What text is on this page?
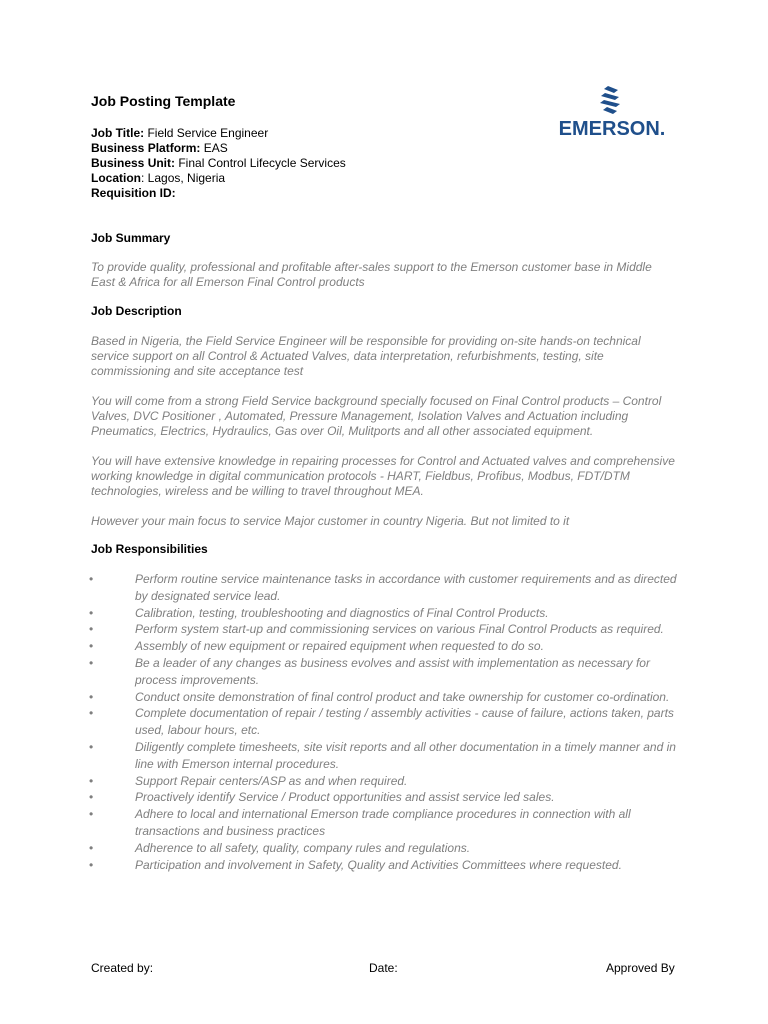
Job Posting Template
EMERSON.
Job Title: Field Service Engineer
Business Platform: EAS
Business Unit: Final Control Lifecycle Services
Location: Lagos, Nigeria
Requisition ID:
Job Summary

To provide quality, professional and profitable after-sales support to the Emerson customer base in Middle East & Africa for all Emerson Final Control products

Job Description

Based in Nigeria, the Field Service Engineer will be responsible for providing on-site hands-on technical service support on all Control & Actuated Valves, data interpretation, refurbishments, testing, site commissioning and site acceptance test

You will come from a strong Field Service background specially focused on Final Control products – Control Valves, DVC Positioner , Automated, Pressure Management, Isolation Valves and Actuation including Pneumatics, Electrics, Hydraulics, Gas over Oil, Mulitports and all other associated equipment.

You will have extensive knowledge in repairing processes for Control and Actuated valves and comprehensive working knowledge in digital communication protocols - HART, Fieldbus, Profibus, Modbus, FDT/DTM technologies, wireless and be willing to travel throughout MEA.

However your main focus to service Major customer in country Nigeria. But not limited to it

Job Responsibilities
•	Perform routine service maintenance tasks in accordance with customer requirements and as directed by designated service lead.
•	Calibration, testing, troubleshooting and diagnostics of Final Control Products.
•	Perform system start-up and commissioning services on various Final Control Products as required.
•	Assembly of new equipment or repaired equipment when requested to do so.
•	Be a leader of any changes as business evolves and assist with implementation as necessary for process improvements.
•	Conduct onsite demonstration of final control product and take ownership for customer co-ordination.
•	Complete documentation of repair / testing / assembly activities - cause of failure, actions taken, parts used, labour hours, etc.
•	Diligently complete timesheets, site visit reports and all other documentation in a timely manner and in line with Emerson internal procedures.
•	Support Repair centers/ASP as and when required.
•	Proactively identify Service / Product opportunities and assist service led sales.
•	Adhere to local and international Emerson trade compliance procedures in connection with all transactions and business practices
•	Adherence to all safety, quality, company rules and regulations.
•	Participation and involvement in Safety, Quality and Activities Committees where requested.
Created by:	Date:	Approved By
